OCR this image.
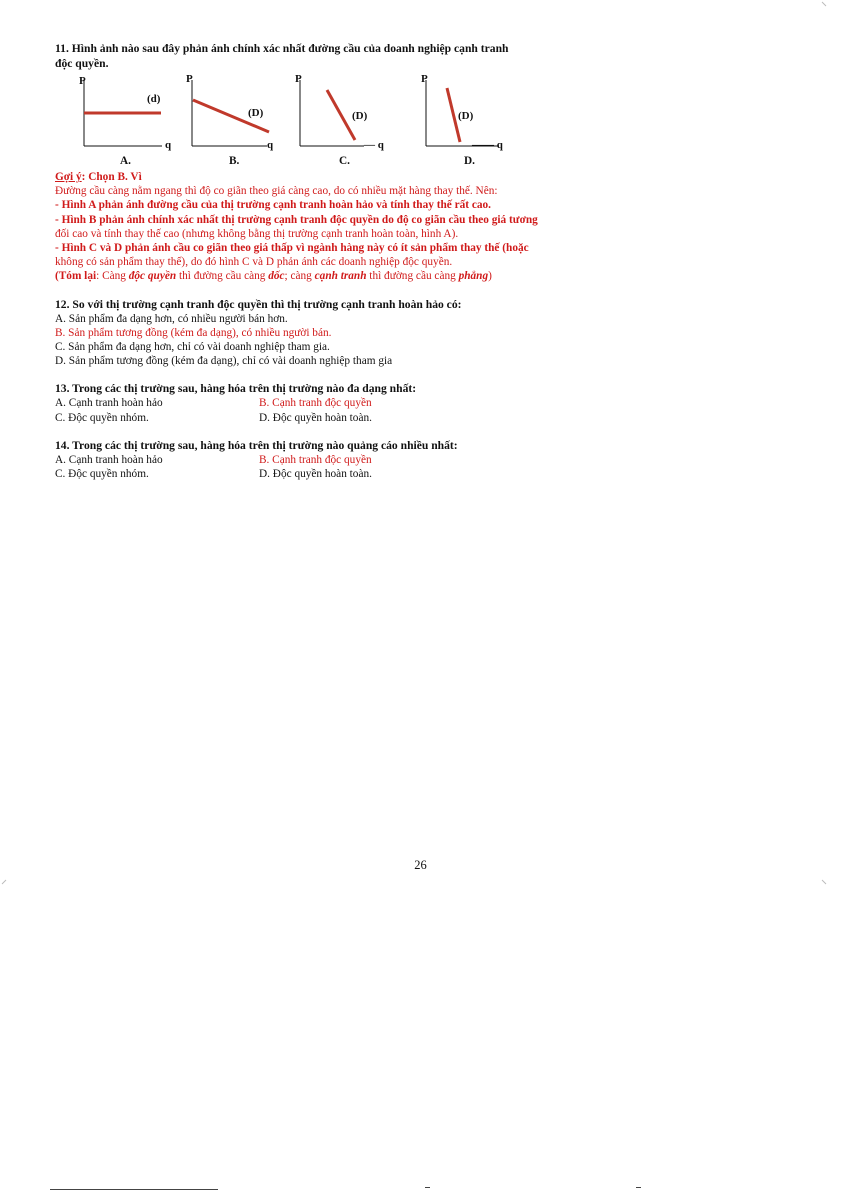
11. Hình ảnh nào sau đây phản ánh chính xác nhất đường cầu của doanh nghiệp cạnh tranh
độc quyền.
P
q
(d)
A.
P
q
(D)
B.
P
— q
(D)
C.
P
—— q
(D)
D.
Gợi ý: Chọn B. Vì
Đường cầu càng nằm ngang thì độ co giãn theo giá càng cao, do có nhiều mặt hàng thay thế. Nên:
- Hình A phản ánh đường cầu của thị trường cạnh tranh hoàn hảo và tính thay thế rất cao.
- Hình B phản ánh chính xác nhất thị trường cạnh tranh độc quyền do độ co giãn cầu theo giá tương
đối cao và tính thay thế cao (nhưng không bằng thị trường cạnh tranh hoàn toàn, hình A).
- Hình C và D phản ánh cầu co giãn theo giá thấp vì ngành hàng này có ít sản phẩm thay thế (hoặc
không có sản phẩm thay thế), do đó hình C và D phản ánh các doanh nghiệp độc quyền.
(Tóm lại: Càng độc quyền thì đường cầu càng dốc; càng cạnh tranh thì đường cầu càng phẳng)
12. So với thị trường cạnh tranh độc quyền thì thị trường cạnh tranh hoàn hảo có:
A. Sản phẩm đa dạng hơn, có nhiều người bán hơn.
B. Sản phẩm tương đồng (kém đa dạng), có nhiều người bán.
C. Sản phẩm đa dạng hơn, chỉ có vài doanh nghiệp tham gia.
D. Sản phẩm tương đồng (kém đa dạng), chỉ có vài doanh nghiệp tham gia
13. Trong các thị trường sau, hàng hóa trên thị trường nào đa dạng nhất:
A. Cạnh tranh hoàn hảo	B. Cạnh tranh độc quyền
C. Độc quyền nhóm.	D. Độc quyền hoàn toàn.
14. Trong các thị trường sau, hàng hóa trên thị trường nào quảng cáo nhiều nhất:
A. Cạnh tranh hoàn hảo	B. Cạnh tranh độc quyền
C. Độc quyền nhóm.	D. Độc quyền hoàn toàn.
26
